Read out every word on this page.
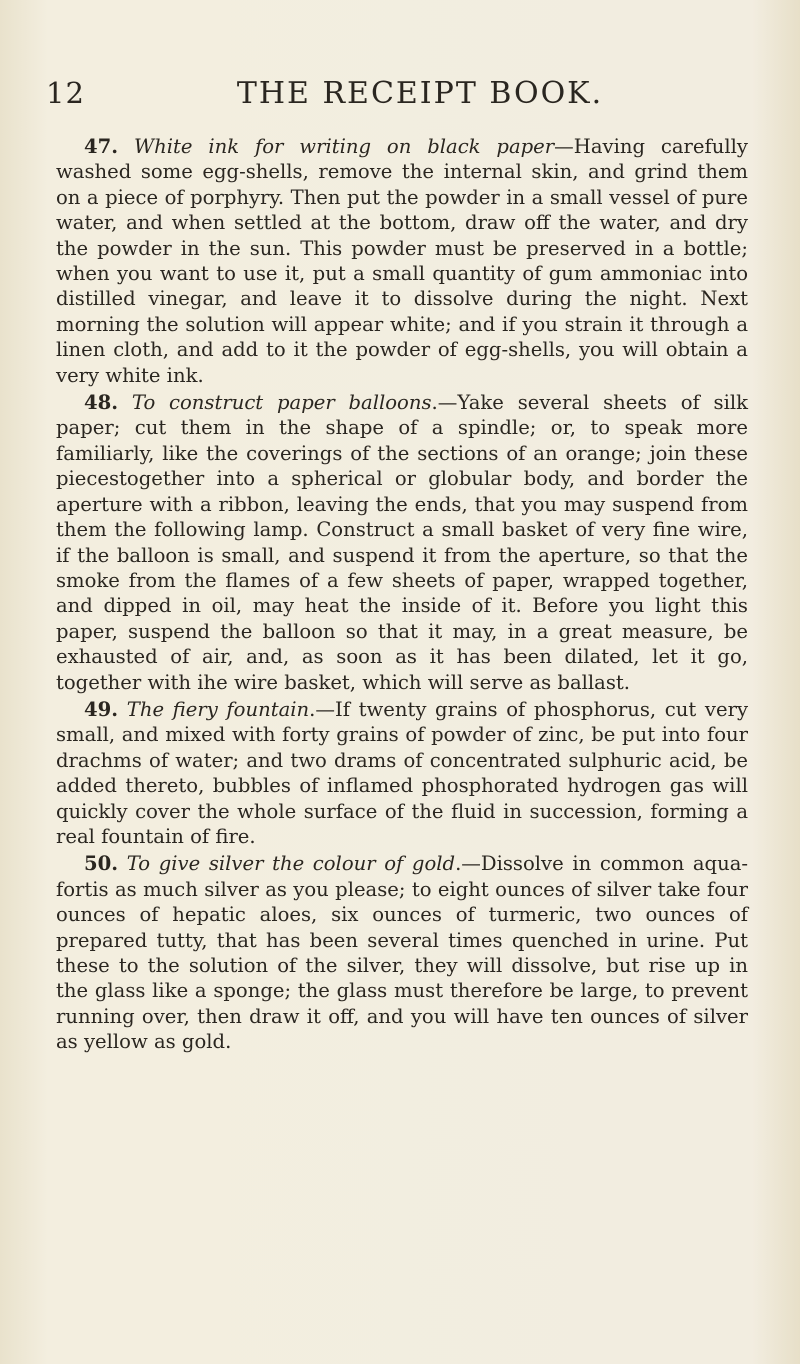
12	THE RECEIPT BOOK.

47. White ink for writing on black paper—Having carefully washed some egg-shells, remove the internal skin, and grind them on a piece of porphyry. Then put the powder in a small vessel of pure water, and when settled at the bottom, draw off the water, and dry the powder in the sun. This powder must be preserved in a bottle; when you want to use it, put a small quantity of gum ammoniac into distilled vinegar, and leave it to dissolve during the night. Next morning the solution will appear white; and if you strain it through a linen cloth, and add to it the powder of egg-shells, you will obtain a very white ink.

48. To construct paper balloons.—Yake several sheets of silk paper; cut them in the shape of a spindle; or, to speak more familiarly, like the coverings of the sections of an orange; join these piecestogether into a spherical or globular body, and border the aperture with a ribbon, leaving the ends, that you may suspend from them the following lamp. Construct a small basket of very fine wire, if the balloon is small, and suspend it from the aperture, so that the smoke from the flames of a few sheets of paper, wrapped together, and dipped in oil, may heat the inside of it. Before you light this paper, suspend the balloon so that it may, in a great measure, be exhausted of air, and, as soon as it has been dilated, let it go, together with ihe wire basket, which will serve as ballast.

49. The fiery fountain.—If twenty grains of phosphorus, cut very small, and mixed with forty grains of powder of zinc, be put into four drachms of water; and two drams of concentrated sulphuric acid, be added thereto, bubbles of inflamed phosphorated hydrogen gas will quickly cover the whole surface of the fluid in succession, forming a real fountain of fire.

50. To give silver the colour of gold.—Dissolve in common aqua-fortis as much silver as you please; to eight ounces of silver take four ounces of hepatic aloes, six ounces of turmeric, two ounces of prepared tutty, that has been several times quenched in urine. Put these to the solution of the silver, they will dissolve, but rise up in the glass like a sponge; the glass must therefore be large, to prevent running over, then draw it off, and you will have ten ounces of silver as yellow as gold.
